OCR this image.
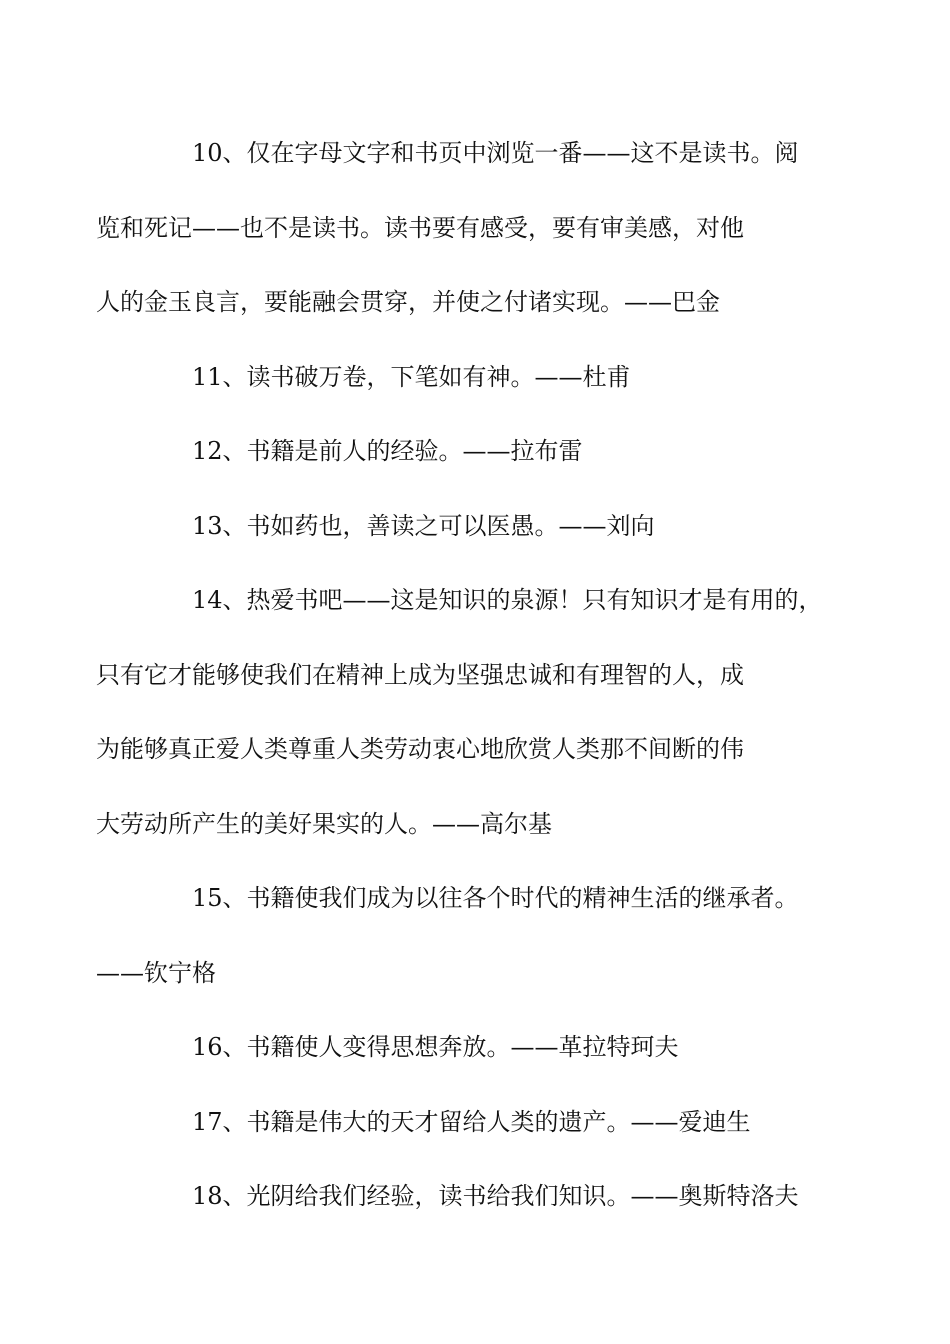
10、仅在字母文字和书页中浏览一番——这不是读书。阅
览和死记——也不是读书。读书要有感受，要有审美感，对他
人的金玉良言，要能融会贯穿，并使之付诸实现。——巴金
11、读书破万卷，下笔如有神。——杜甫
12、书籍是前人的经验。——拉布雷
13、书如药也，善读之可以医愚。——刘向
14、热爱书吧——这是知识的泉源！只有知识才是有用的，
只有它才能够使我们在精神上成为坚强忠诚和有理智的人，成
为能够真正爱人类尊重人类劳动衷心地欣赏人类那不间断的伟
大劳动所产生的美好果实的人。——高尔基
15、书籍使我们成为以往各个时代的精神生活的继承者。
——钦宁格
16、书籍使人变得思想奔放。——革拉特珂夫
17、书籍是伟大的天才留给人类的遗产。——爱迪生
18、光阴给我们经验，读书给我们知识。——奥斯特洛夫
